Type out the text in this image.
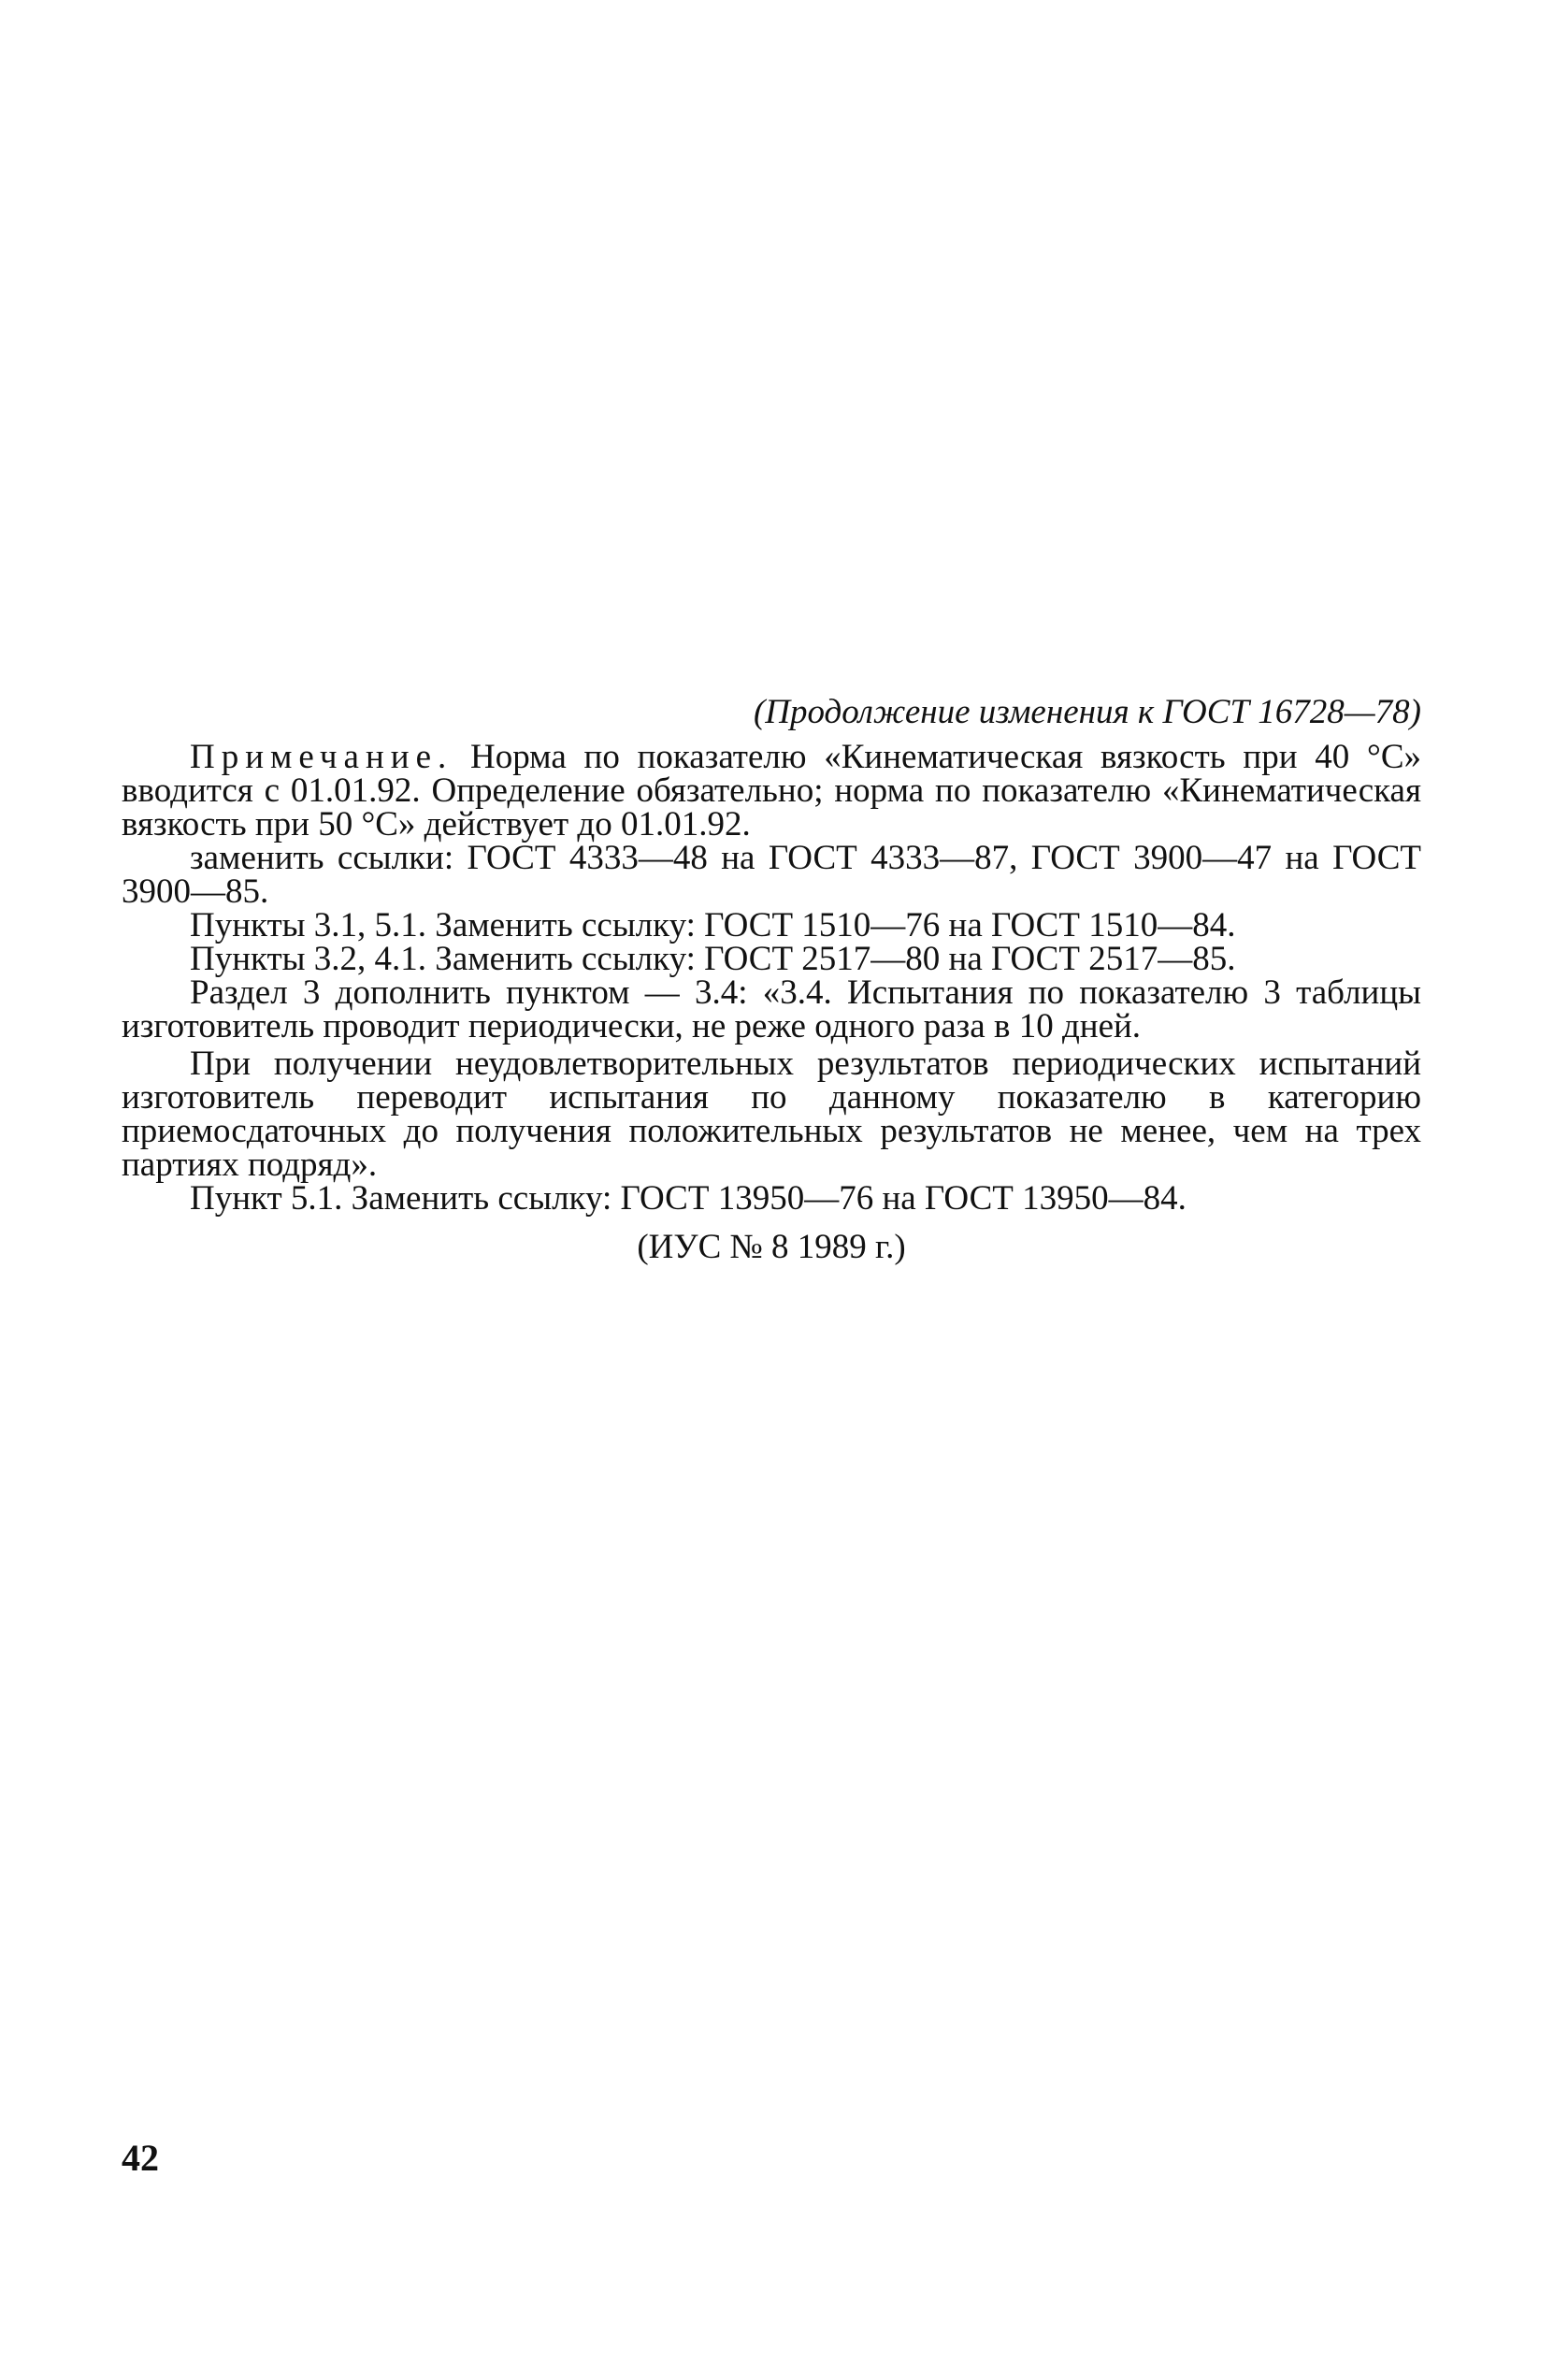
(Продолжение изменения к ГОСТ 16728—78)

Примечание. Норма по показателю «Кинематическая вязкость при 40 °С» вводится с 01.01.92. Определение обязательно; норма по показателю «Кинематическая вязкость при 50 °С» действует до 01.01.92.

заменить ссылки: ГОСТ 4333—48 на ГОСТ 4333—87, ГОСТ 3900—47 на ГОСТ 3900—85.

Пункты 3.1, 5.1. Заменить ссылку: ГОСТ 1510—76 на ГОСТ 1510—84.

Пункты 3.2, 4.1. Заменить ссылку: ГОСТ 2517—80 на ГОСТ 2517—85.

Раздел 3 дополнить пунктом — 3.4: «3.4. Испытания по показателю 3 таблицы изготовитель проводит периодически, не реже одного раза в 10 дней.

При получении неудовлетворительных результатов периодических испытаний изготовитель переводит испытания по данному показателю в категорию приемосдаточных до получения положительных результатов не менее, чем на трех партиях подряд».

Пункт 5.1. Заменить ссылку: ГОСТ 13950—76 на ГОСТ 13950—84.

(ИУС № 8 1989 г.)

42
